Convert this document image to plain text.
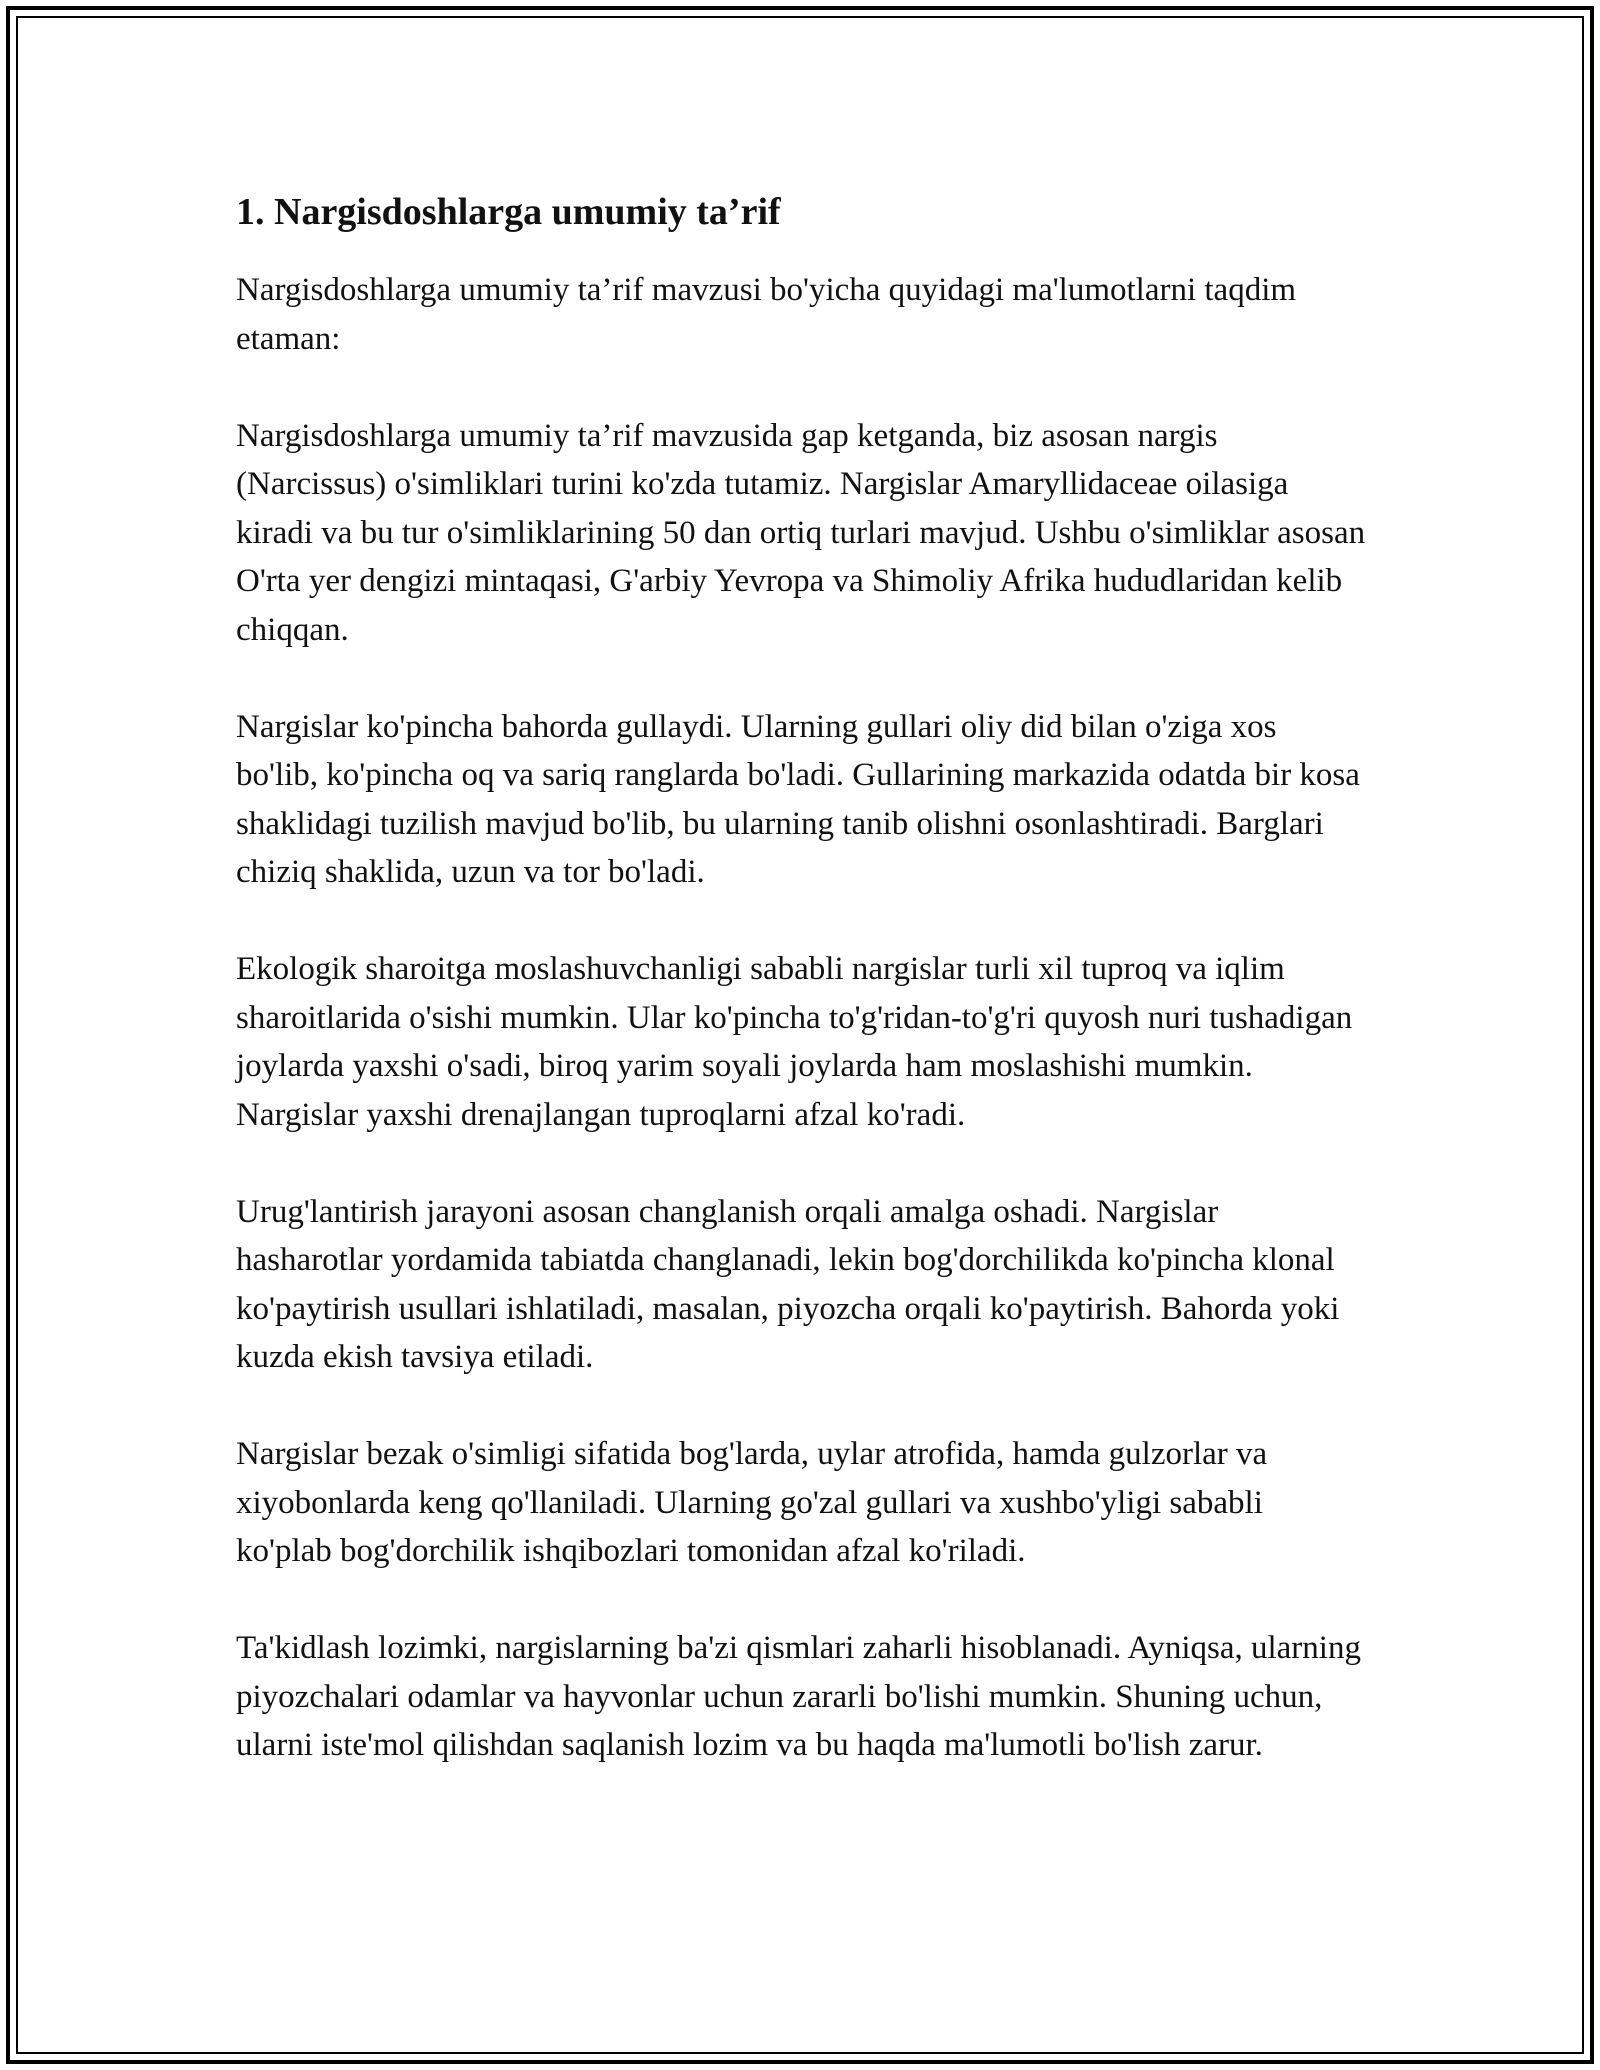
1. Nargisdoshlarga umumiy ta’rif

Nargisdoshlarga umumiy ta’rif mavzusi bo'yicha quyidagi ma'lumotlarni taqdim etaman:

Nargisdoshlarga umumiy ta’rif mavzusida gap ketganda, biz asosan nargis (Narcissus) o'simliklari turini ko'zda tutamiz. Nargislar Amaryllidaceae oilasiga kiradi va bu tur o'simliklarining 50 dan ortiq turlari mavjud. Ushbu o'simliklar asosan O'rta yer dengizi mintaqasi, G'arbiy Yevropa va Shimoliy Afrika hududlaridan kelib chiqqan.

Nargislar ko'pincha bahorda gullaydi. Ularning gullari oliy did bilan o'ziga xos bo'lib, ko'pincha oq va sariq ranglarda bo'ladi. Gullarining markazida odatda bir kosa shaklidagi tuzilish mavjud bo'lib, bu ularning tanib olishni osonlashtiradi. Barglari chiziq shaklida, uzun va tor bo'ladi.

Ekologik sharoitga moslashuvchanligi sababli nargislar turli xil tuproq va iqlim sharoitlarida o'sishi mumkin. Ular ko'pincha to'g'ridan-to'g'ri quyosh nuri tushadigan joylarda yaxshi o'sadi, biroq yarim soyali joylarda ham moslashishi mumkin. Nargislar yaxshi drenajlangan tuproqlarni afzal ko'radi.

Urug'lantirish jarayoni asosan changlanish orqali amalga oshadi. Nargislar hasharotlar yordamida tabiatda changlanadi, lekin bog'dorchilikda ko'pincha klonal ko'paytirish usullari ishlatiladi, masalan, piyozcha orqali ko'paytirish. Bahorda yoki kuzda ekish tavsiya etiladi.

Nargislar bezak o'simligi sifatida bog'larda, uylar atrofida, hamda gulzorlar va xiyobonlarda keng qo'llaniladi. Ularning go'zal gullari va xushbo'yligi sababli ko'plab bog'dorchilik ishqibozlari tomonidan afzal ko'riladi.

Ta'kidlash lozimki, nargislarning ba'zi qismlari zaharli hisoblanadi. Ayniqsa, ularning piyozchalari odamlar va hayvonlar uchun zararli bo'lishi mumkin. Shuning uchun, ularni iste'mol qilishdan saqlanish lozim va bu haqda ma'lumotli bo'lish zarur.
